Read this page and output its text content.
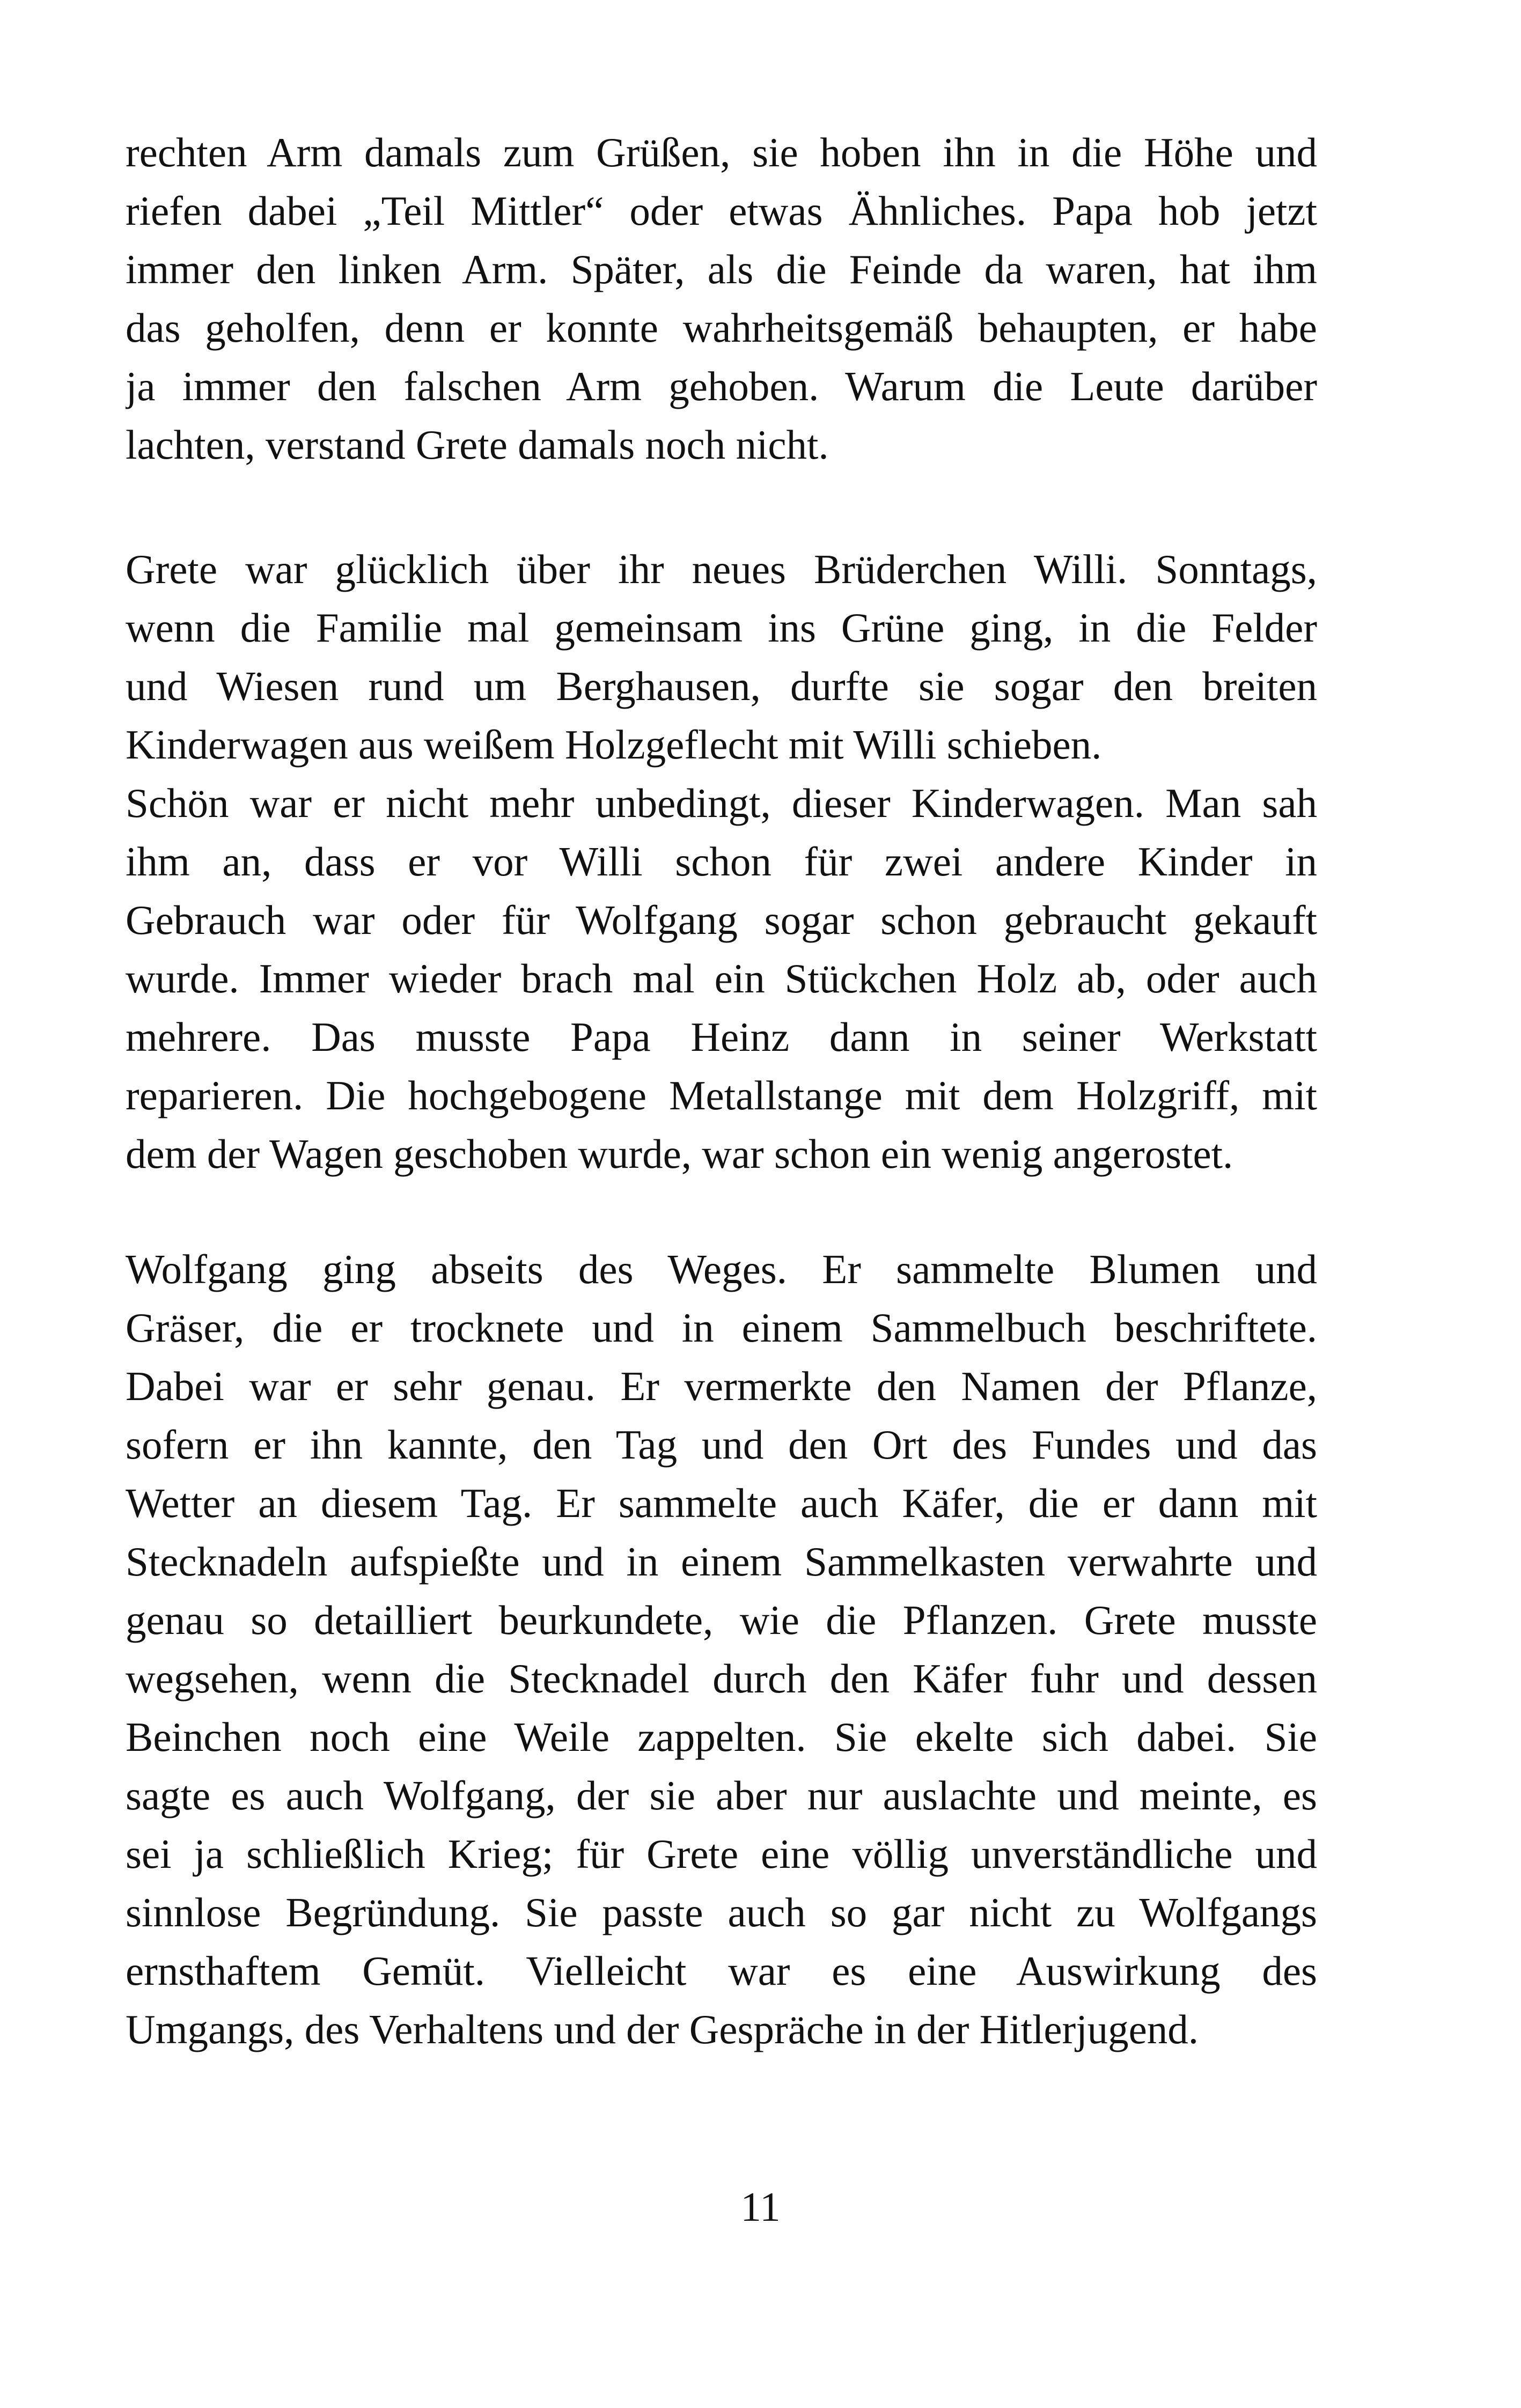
rechten Arm damals zum Grüßen, sie hoben ihn in die Höhe und
riefen dabei „Teil Mittler“ oder etwas Ähnliches. Papa hob jetzt
immer den linken Arm. Später, als die Feinde da waren, hat ihm
das geholfen, denn er konnte wahrheitsgemäß behaupten, er habe
ja immer den falschen Arm gehoben. Warum die Leute darüber
lachten, verstand Grete damals noch nicht.
Grete war glücklich über ihr neues Brüderchen Willi. Sonntags,
wenn die Familie mal gemeinsam ins Grüne ging, in die Felder
und Wiesen rund um Berghausen, durfte sie sogar den breiten
Kinderwagen aus weißem Holzgeflecht mit Willi schieben.
Schön war er nicht mehr unbedingt, dieser Kinderwagen. Man sah
ihm an, dass er vor Willi schon für zwei andere Kinder in
Gebrauch war oder für Wolfgang sogar schon gebraucht gekauft
wurde. Immer wieder brach mal ein Stückchen Holz ab, oder auch
mehrere. Das musste Papa Heinz dann in seiner Werkstatt
reparieren. Die hochgebogene Metallstange mit dem Holzgriff, mit
dem der Wagen geschoben wurde, war schon ein wenig angerostet.
Wolfgang ging abseits des Weges. Er sammelte Blumen und
Gräser, die er trocknete und in einem Sammelbuch beschriftete.
Dabei war er sehr genau. Er vermerkte den Namen der Pflanze,
sofern er ihn kannte, den Tag und den Ort des Fundes und das
Wetter an diesem Tag. Er sammelte auch Käfer, die er dann mit
Stecknadeln aufspießte und in einem Sammelkasten verwahrte und
genau so detailliert beurkundete, wie die Pflanzen. Grete musste
wegsehen, wenn die Stecknadel durch den Käfer fuhr und dessen
Beinchen noch eine Weile zappelten. Sie ekelte sich dabei. Sie
sagte es auch Wolfgang, der sie aber nur auslachte und meinte, es
sei ja schließlich Krieg; für Grete eine völlig unverständliche und
sinnlose Begründung. Sie passte auch so gar nicht zu Wolfgangs
ernsthaftem Gemüt. Vielleicht war es eine Auswirkung des
Umgangs, des Verhaltens und der Gespräche in der Hitlerjugend.
11
